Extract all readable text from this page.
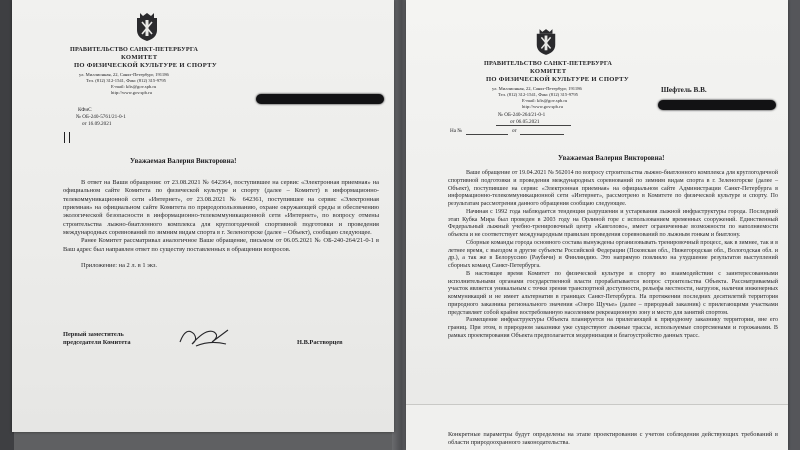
ПРАВИТЕЛЬСТВО САНКТ-ПЕТЕРБУРГА
КОМИТЕТ
ПО ФИЗИЧЕСКОЙ КУЛЬТУРЕ И СПОРТУ
ул. Миллионная, 22, Санкт-Петербург, 191186
Тел. (812) 312-1541, Факс (812) 315-9795
E-mail: kfis@gov.spb.ru
http://www.gov.spb.ru
КФиС
№ ОБ-240-5761/21-0-1
от 16.09.2021
Уважаемая Валерия Викторовна!

В ответ на Ваши обращения: от 23.08.2021 № 642364, поступившее на сервис «Электронная приемная» на официальном сайте Комитета по физической культуре и спорту (далее – Комитет) в информационно-телекоммуникационной сети «Интернет», от 23.08.2021 № 642361, поступившее на сервис «Электронная приемная» на официальном сайте Комитета по природопользованию, охране окружающей среды и обеспечению экологической безопасности в информационно-телекоммуникационной сети «Интернет», по вопросу отмены строительства лыжно-биатлонного комплекса для круглогодичной спортивной подготовки и проведения международных соревнований по зимним видам спорта в г. Зеленогорске (далее – Объект), сообщаю следующее.

Ранее Комитет рассматривал аналогичное Ваше обращение, письмом от 06.05.2021 № ОБ-240-264/21-0-1 в Ваш адрес был направлен ответ по существу поставленных в обращении вопросов.

Приложение: на 2 л. в 1 экз.

Первый заместитель
председателя Комитета	Н.В.Растворцев
ПРАВИТЕЛЬСТВО САНКТ-ПЕТЕРБУРГА
КОМИТЕТ
ПО ФИЗИЧЕСКОЙ КУЛЬТУРЕ И СПОРТУ
ул. Миллионная, 22, Санкт-Петербург, 191186
Тел. (812) 312-1541, Факс (812) 315-9795
E-mail: kfis@gov.spb.ru
http://www.gov.spb.ru
Шефтель В.В.
№ ОБ-240-264/21-0-1
от 06.05.2021
На №	от
Уважаемая Валерия Викторовна!

Ваше обращение от 19.04.2021 № 562014 по вопросу строительства лыжно-биатлонного комплекса для круглогодичной спортивной подготовки и проведения международных соревнований по зимним видам спорта в г. Зеленогорске (далее – Объект), поступившее на сервис «Электронная приемная» на официальном сайте Администрации Санкт-Петербурга в информационно-телекоммуникационной сети «Интернет», рассмотрено в Комитете по физической культуре и спорту. По результатам рассмотрения данного обращения сообщаю следующее.

Начиная с 1992 года наблюдается тенденция разрушения и устаревания лыжной инфраструктуры города. Последний этап Кубка Мира был проведен в 2003 году на Орлиной горе с использованием временных сооружений. Единственный Федеральный лыжный учебно-тренировочный центр «Кавголово», имеет ограниченные возможности по наполняемости объекта и не соответствует международным правилам проведения соревнований по лыжным гонкам и биатлону.

Сборные команды города основного состава вынуждены организовывать тренировочный процесс, как в зимнее, так и в летнее время, с выездом в другие субъекты Российской Федерации (Псковская обл., Нижегородская обл., Вологодская обл. и др.), а так же в Белоруссию (Раубичи) и Финляндию. Это напрямую повлияло на ухудшение результатов выступлений сборных команд Санкт-Петербурга.

В настоящее время Комитет по физической культуре и спорту во взаимодействии с заинтересованными исполнительными органами государственной власти прорабатывается вопрос строительства Объекта. Рассматриваемый участок является уникальным с точки зрения транспортной доступности, рельефа местности, нагрузок, наличия инженерных коммуникаций и не имеет альтернатив в границах Санкт-Петербурга. На протяжении последних десятилетий территория природного заказника регионального значения «Озеро Щучье» (далее – природный заказник) с прилегающими участками представляет собой крайне востребованную населением рекреационную зону и место для занятий спортом.

Размещение инфраструктуры Объекта планируется на прилегающей к природному заказнику территории, вне его границ. При этом, в природном заказнике уже существуют лыжные трассы, используемые спортсменами и горожанами. В рамках проектирования Объекта предполагается модернизация и благоустройство данных трасс.

Конкретные параметры будут определены на этапе проектирования с учетом соблюдения действующих требований в области природоохранного законодательства.
